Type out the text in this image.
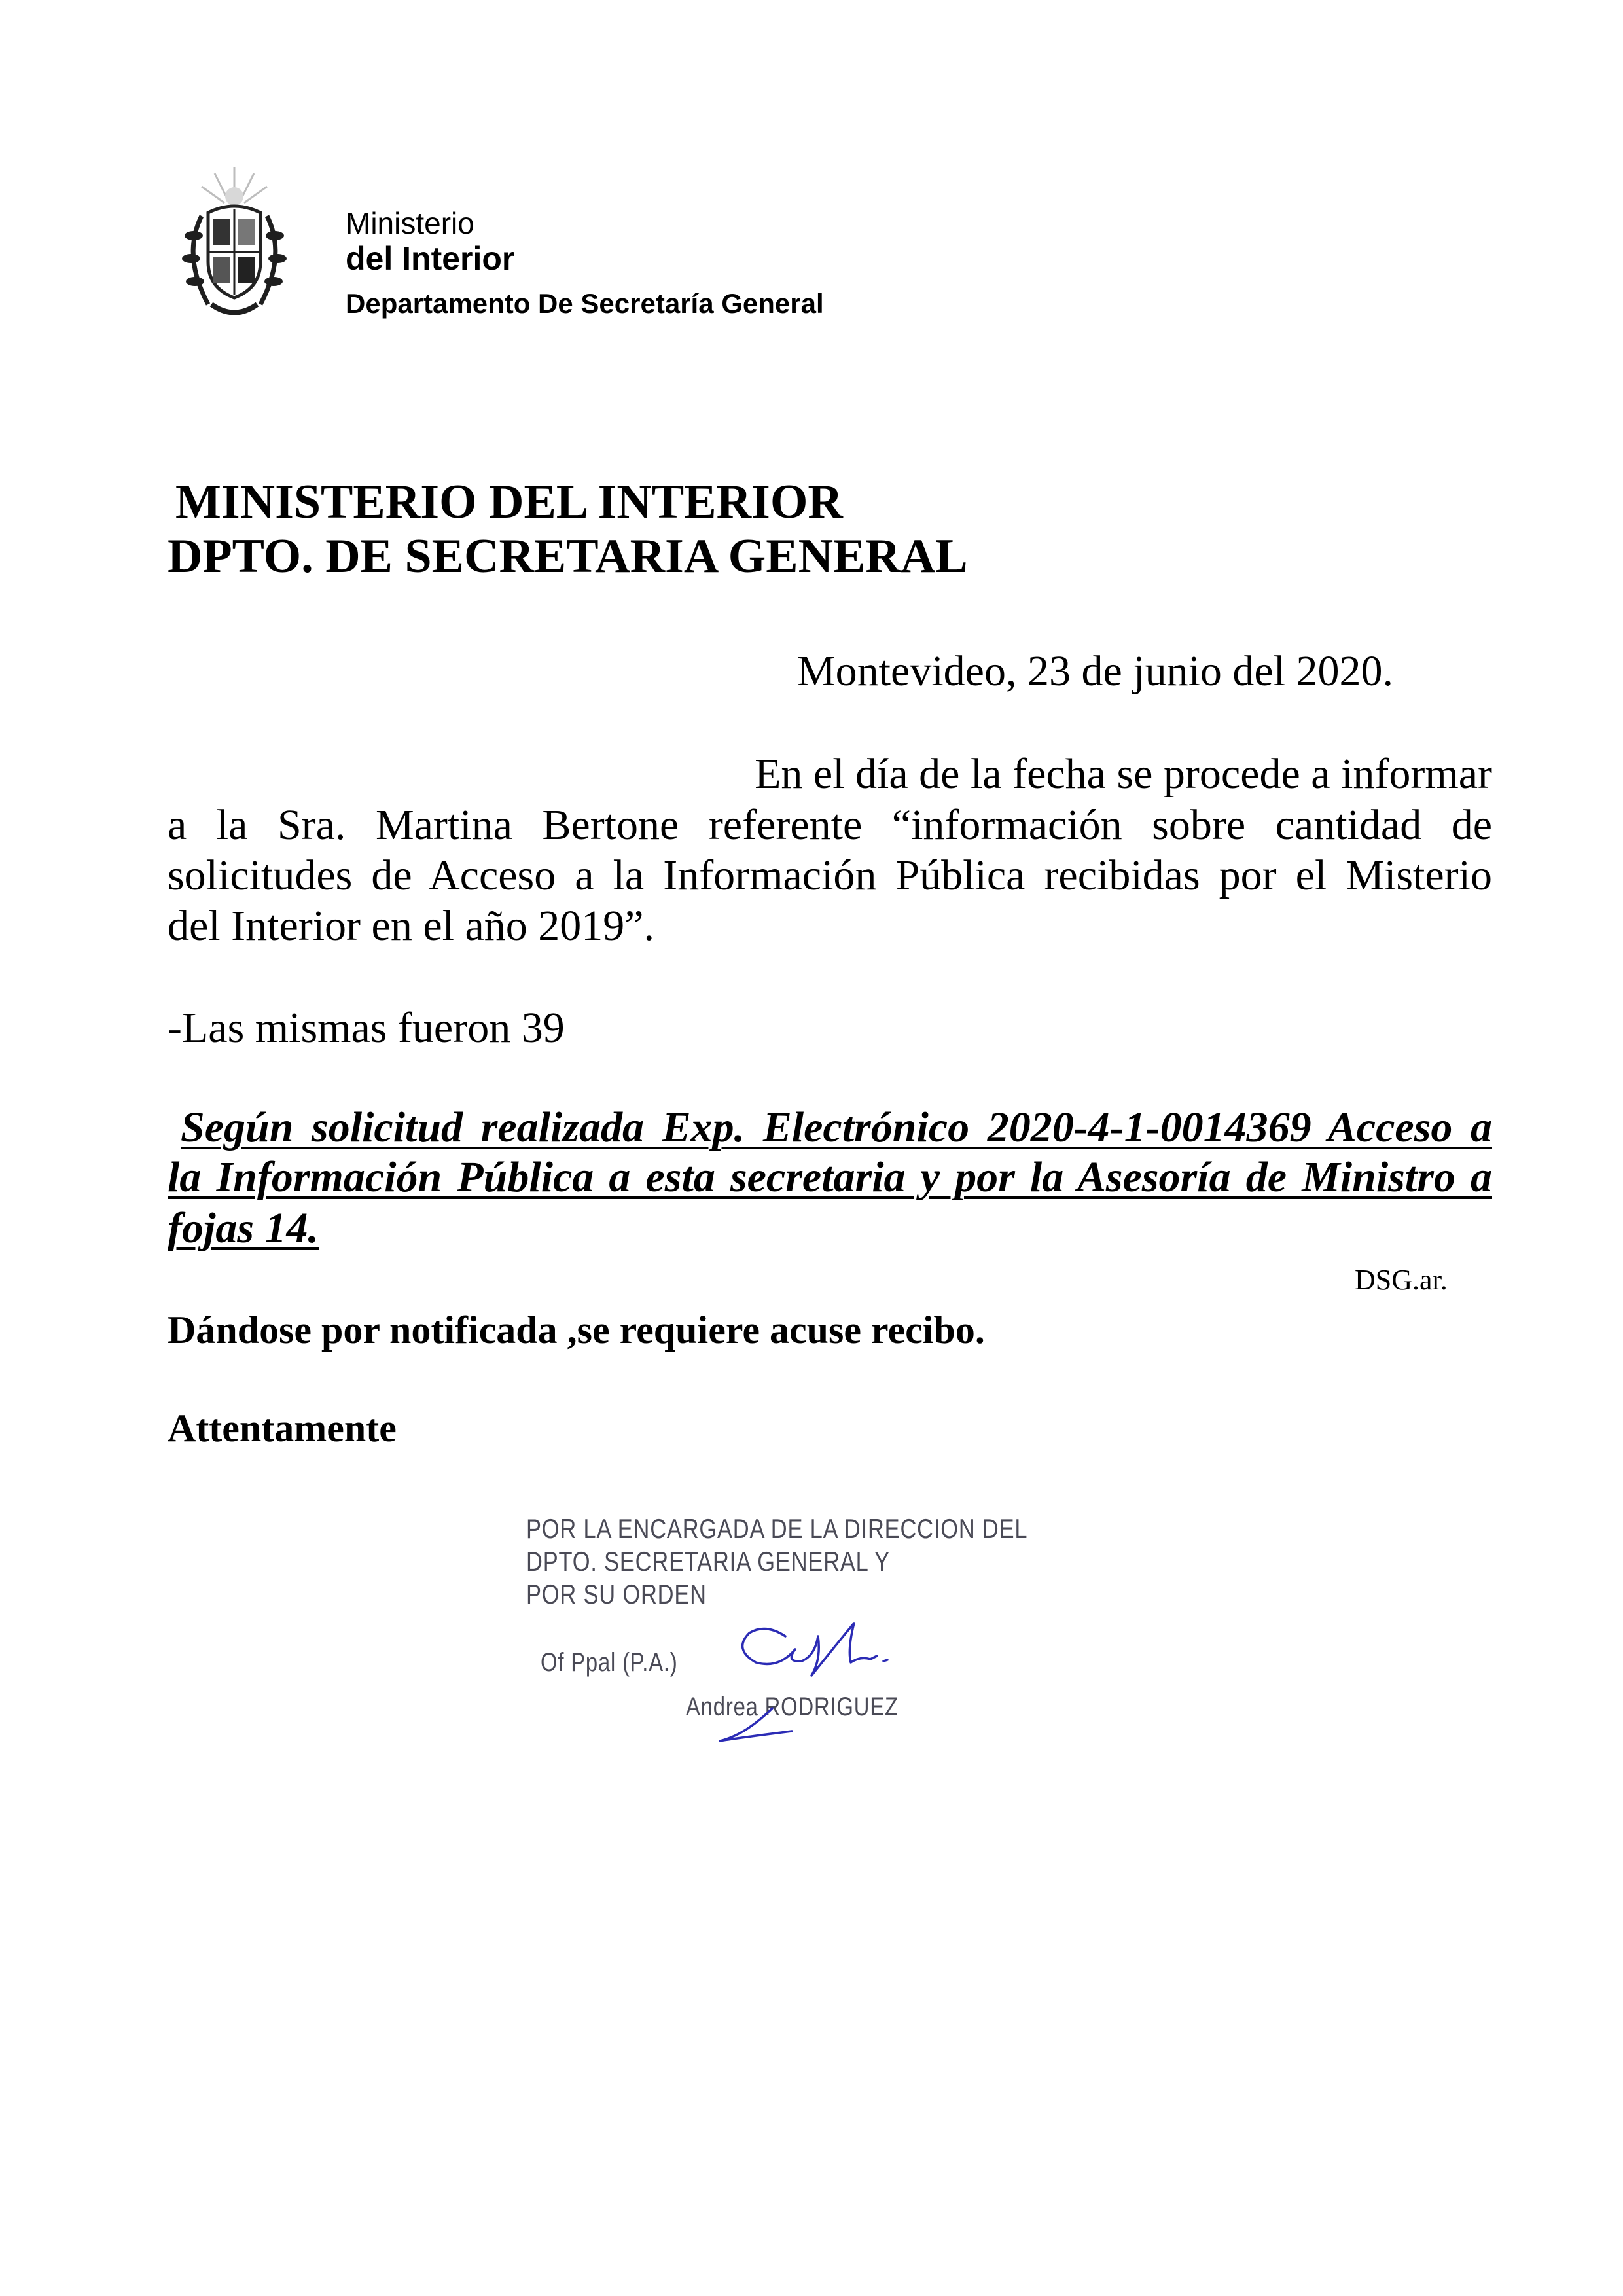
Ministerio
del Interior
Departamento De Secretaría General
MINISTERIO DEL INTERIOR
DPTO. DE SECRETARIA GENERAL
Montevideo, 23 de junio del 2020.
En el día de la fecha se procede a informar
a la Sra. Martina Bertone referente “información sobre cantidad de
solicitudes de Acceso a la Información Pública recibidas por el Misterio
del Interior en el año 2019”.
-Las mismas fueron 39
Según solicitud realizada Exp. Electrónico 2020-4-1-0014369 Acceso a
la Información Pública a esta secretaria y por la Asesoría de Ministro a
fojas 14.
DSG.ar.
Dándose por notificada ,se requiere acuse recibo.
Attentamente
POR LA ENCARGADA DE LA DIRECCION DEL
DPTO. SECRETARIA GENERAL Y
POR SU ORDEN
Of Ppal (P.A.)
Andrea RODRIGUEZ
